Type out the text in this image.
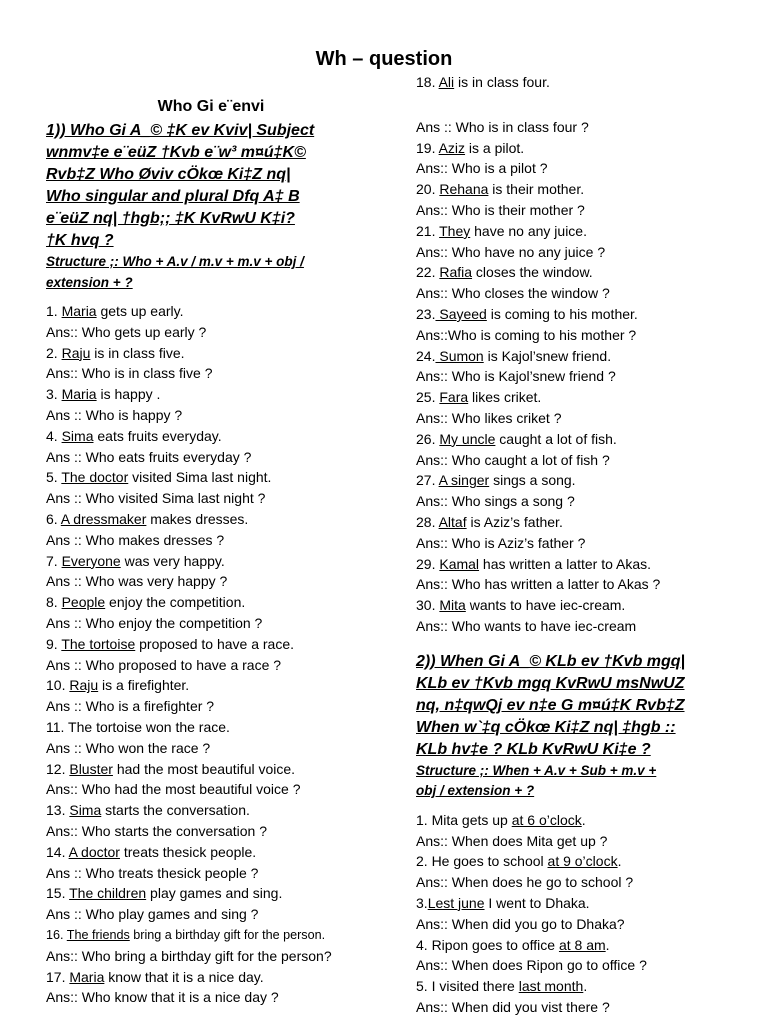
Wh – question
Who Gi e¨envi
1)) Who Gi A_© ‡K ev Kviv| Subject
wnmv‡e e¨eüZ †Kvb e¨w³ m¤ú‡K©
Rvb‡Z Who Øviv cÖkœ Ki‡Z nq|
Who singular and plural Dfq A‡ B
e¨eüZ nq| †hgb;; ‡K KvRwU K‡i?
†K hvq ?
Structure ;: Who + A.v / m.v + m.v + obj /
extension + ?
1. Maria gets up early.
Ans:: Who gets up early ?
2. Raju is in class five.
Ans:: Who is in class five ?
3. Maria is happy .
Ans :: Who is happy ?
4. Sima eats fruits everyday.
Ans :: Who eats fruits everyday ?
5. The doctor visited Sima last night.
Ans :: Who visited Sima last night ?
6. A dressmaker makes dresses.
Ans :: Who makes dresses ?
7. Everyone was very happy.
Ans :: Who was very happy ?
8. People enjoy the competition.
Ans :: Who enjoy the competition ?
9. The tortoise proposed to have a race.
Ans :: Who proposed to have a race ?
10. Raju is a firefighter.
Ans :: Who is a firefighter ?
11. The tortoise won the race.
Ans :: Who won the race ?
12. Bluster had the most beautiful voice.
Ans:: Who had the most beautiful voice ?
13. Sima starts the conversation.
Ans:: Who starts the conversation ?
14. A doctor treats thesick people.
Ans :: Who treats thesick people ?
15. The children play games and sing.
Ans :: Who play games and sing ?
16. The friends bring a birthday gift for the person.
Ans:: Who bring a birthday gift for the person?
17. Maria know that it is a nice day.
Ans:: Who know that it is a nice day ?
18. Ali is in class four.
Ans :: Who is in class four ?
19. Aziz is a pilot.
Ans:: Who is a pilot ?
20. Rehana is their mother.
Ans:: Who is their mother ?
21. They have no any juice.
Ans:: Who have no any juice ?
22. Rafia closes the window.
Ans:: Who closes the window ?
23. Sayeed is coming to his mother.
Ans::Who is coming to his mother ?
24. Sumon is Kajol’snew friend.
Ans:: Who is Kajol’snew friend ?
25. Fara likes criket.
Ans:: Who likes criket ?
26. My uncle caught a lot of fish.
Ans:: Who caught a lot of fish ?
27. A singer sings a song.
Ans:: Who sings a song ?
28. Altaf is Aziz’s father.
Ans:: Who is Aziz’s father ?
29. Kamal has written a latter to Akas.
Ans:: Who has written a latter to Akas ?
30. Mita wants to have iec-cream.
Ans:: Who wants to have iec-cream
2)) When Gi A_© KLb ev †Kvb mgq|
KLb ev †Kvb mgq KvRwU msNwUZ
nq, n‡qwQj ev n‡e G m¤ú‡K Rvb‡Z
When w`‡q cÖkœ Ki‡Z nq| ‡hgb ::
KLb hv‡e ? KLb KvRwU Ki‡e ?
Structure ;: When + A.v + Sub + m.v +
obj / extension + ?
1. Mita gets up at 6 o’clock.
Ans:: When does Mita get up ?
2. He goes to school at 9 o’clock.
Ans:: When does he go to school ?
3.Lest june I went to Dhaka.
Ans:: When did you go to Dhaka?
4. Ripon goes to office at 8 am.
Ans:: When does Ripon go to office ?
5. I visited there last month.
Ans:: When did you vist there ?
